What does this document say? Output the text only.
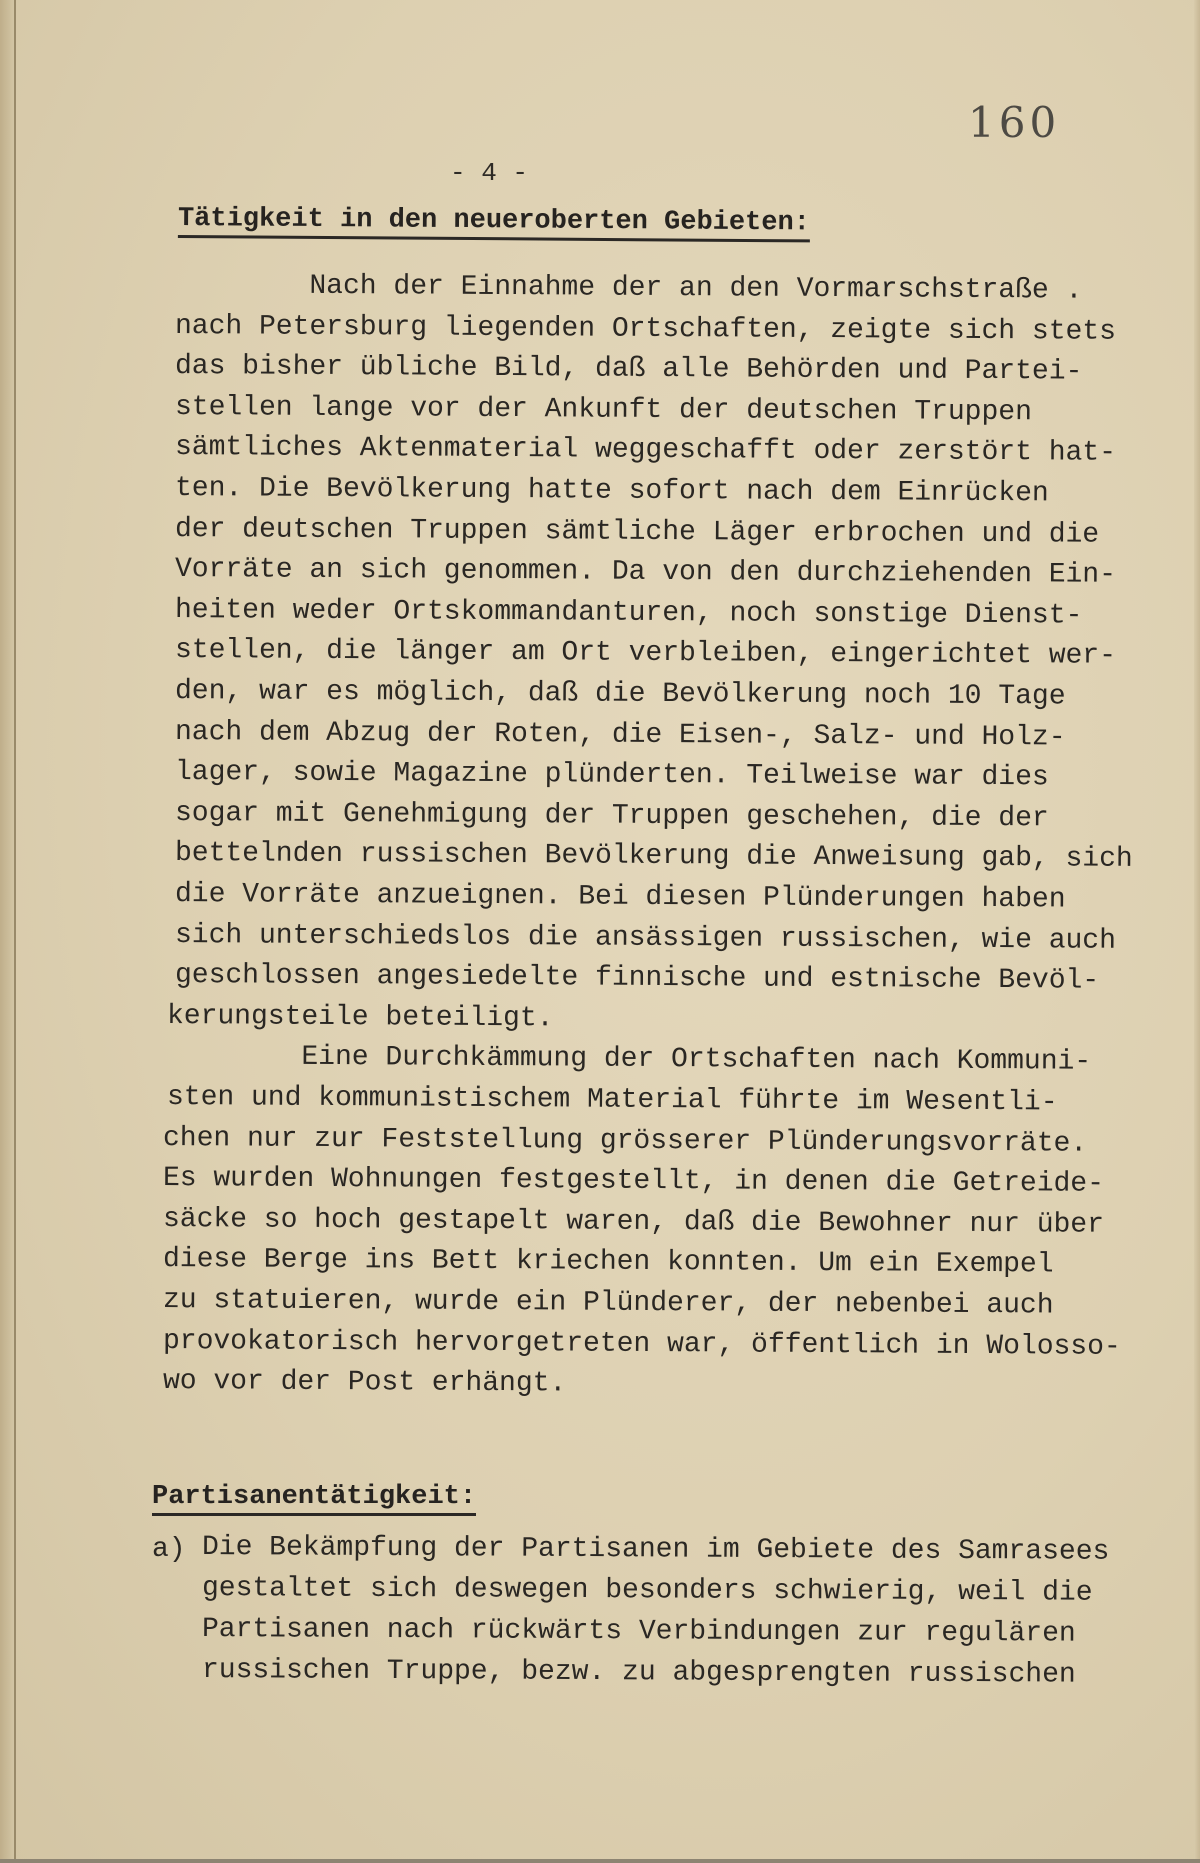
160
- 4 -
Tätigkeit in den neueroberten Gebieten:
Nach der Einnahme der an den Vormarschstraße .
nach Petersburg liegenden Ortschaften, zeigte sich stets
das bisher übliche Bild, daß alle Behörden und Partei-
stellen lange vor der Ankunft der deutschen Truppen
sämtliches Aktenmaterial weggeschafft oder zerstört hat-
ten. Die Bevölkerung hatte sofort nach dem Einrücken
der deutschen Truppen sämtliche Läger erbrochen und die
Vorräte an sich genommen. Da von den durchziehenden Ein-
heiten weder Ortskommandanturen, noch sonstige Dienst-
stellen, die länger am Ort verbleiben, eingerichtet wer-
den, war es möglich, daß die Bevölkerung noch 10 Tage
nach dem Abzug der Roten, die Eisen-, Salz- und Holz-
lager, sowie Magazine plünderten. Teilweise war dies
sogar mit Genehmigung der Truppen geschehen, die der
bettelnden russischen Bevölkerung die Anweisung gab, sich
die Vorräte anzueignen. Bei diesen Plünderungen haben
sich unterschiedslos die ansässigen russischen, wie auch
geschlossen angesiedelte finnische und estnische Bevöl-
kerungsteile beteiligt.
Eine Durchkämmung der Ortschaften nach Kommuni-
sten und kommunistischem Material führte im Wesentli-
chen nur zur Feststellung grösserer Plünderungsvorräte.
Es wurden Wohnungen festgestellt, in denen die Getreide-
säcke so hoch gestapelt waren, daß die Bewohner nur über
diese Berge ins Bett kriechen konnten. Um ein Exempel
zu statuieren, wurde ein Plünderer, der nebenbei auch
provokatorisch hervorgetreten war, öffentlich in Wolosso-
wo vor der Post erhängt.
Partisanentätigkeit:
a) Die Bekämpfung der Partisanen im Gebiete des Samrasees
gestaltet sich deswegen besonders schwierig, weil die
Partisanen nach rückwärts Verbindungen zur regulären
russischen Truppe, bezw. zu abgesprengten russischen
